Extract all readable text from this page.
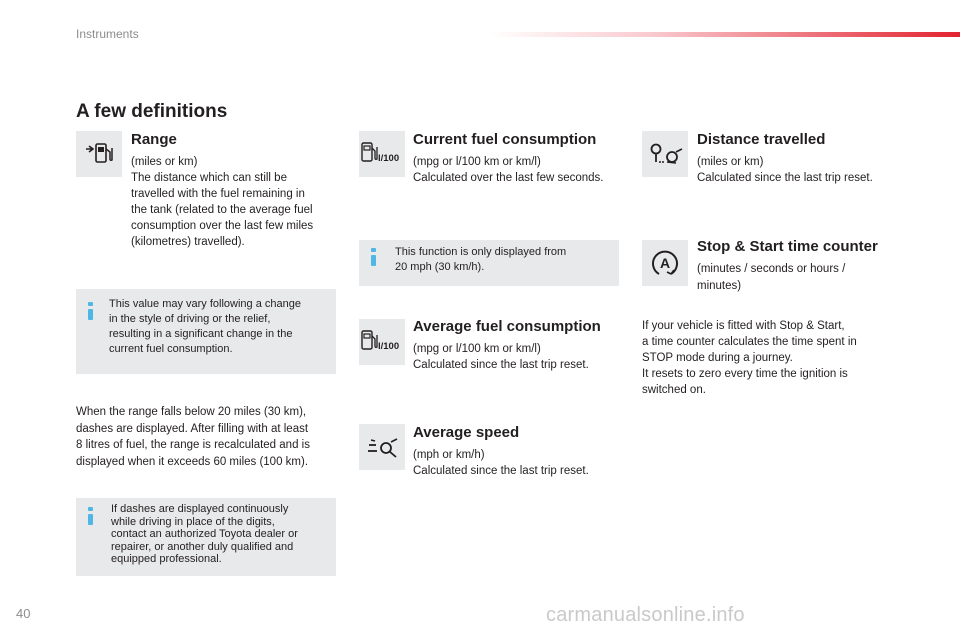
Instruments
A few definitions
Range
(miles or km)
The distance which can still be
travelled with the fuel remaining in
the tank (related to the average fuel
consumption over the last few miles
(kilometres) travelled).
This value may vary following a change
in the style of driving or the relief,
resulting in a significant change in the
current fuel consumption.
When the range falls below 20 miles (30 km),
dashes are displayed. After filling with at least
8 litres of fuel, the range is recalculated and is
displayed when it exceeds 60 miles (100 km).
If dashes are displayed continuously
while driving in place of the digits,
contact an authorized Toyota dealer or
repairer, or another duly qualified and
equipped professional.
l/100
Current fuel consumption
(mpg or l/100 km or km/l)
Calculated over the last few seconds.
This function is only displayed from
20 mph (30 km/h).
l/100
Average fuel consumption
(mpg or l/100 km or km/l)
Calculated since the last trip reset.
Average speed
(mph or km/h)
Calculated since the last trip reset.
Distance travelled
(miles or km)
Calculated since the last trip reset.
A
Stop & Start time counter
(minutes / seconds or hours /
minutes)
If your vehicle is fitted with Stop & Start,
a time counter calculates the time spent in
STOP mode during a journey.
It resets to zero every time the ignition is
switched on.
40	carmanualsonline.info
